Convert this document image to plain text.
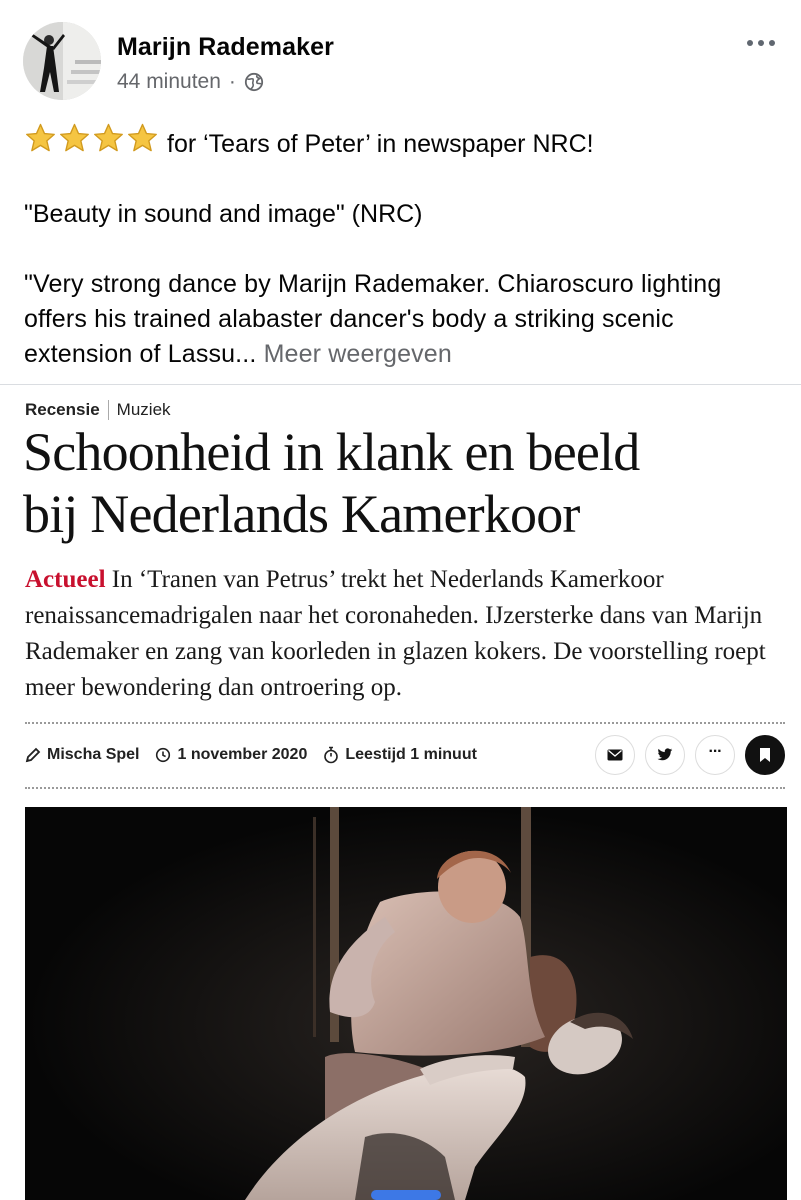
Marijn Rademaker
44 minuten ·

for ‘Tears of Peter’ in newspaper NRC!

"Beauty in sound and image" (NRC)

"Very strong dance by Marijn Rademaker. Chiaroscuro lighting offers his trained alabaster dancer's body a striking scenic extension of Lassu... Meer weergeven

Recensie Muziek
Schoonheid in klank en beeld
bij Nederlands Kamerkoor
Actueel In ‘Tranen van Petrus’ trekt het Nederlands Kamerkoor renaissancemadrigalen naar het coronaheden. IJzersterke dans van Marijn Rademaker en zang van koorleden in glazen kokers. De voorstelling roept meer bewondering dan ontroering op.
Mischa Spel 1 november 2020 Leestijd 1 minuut	···
